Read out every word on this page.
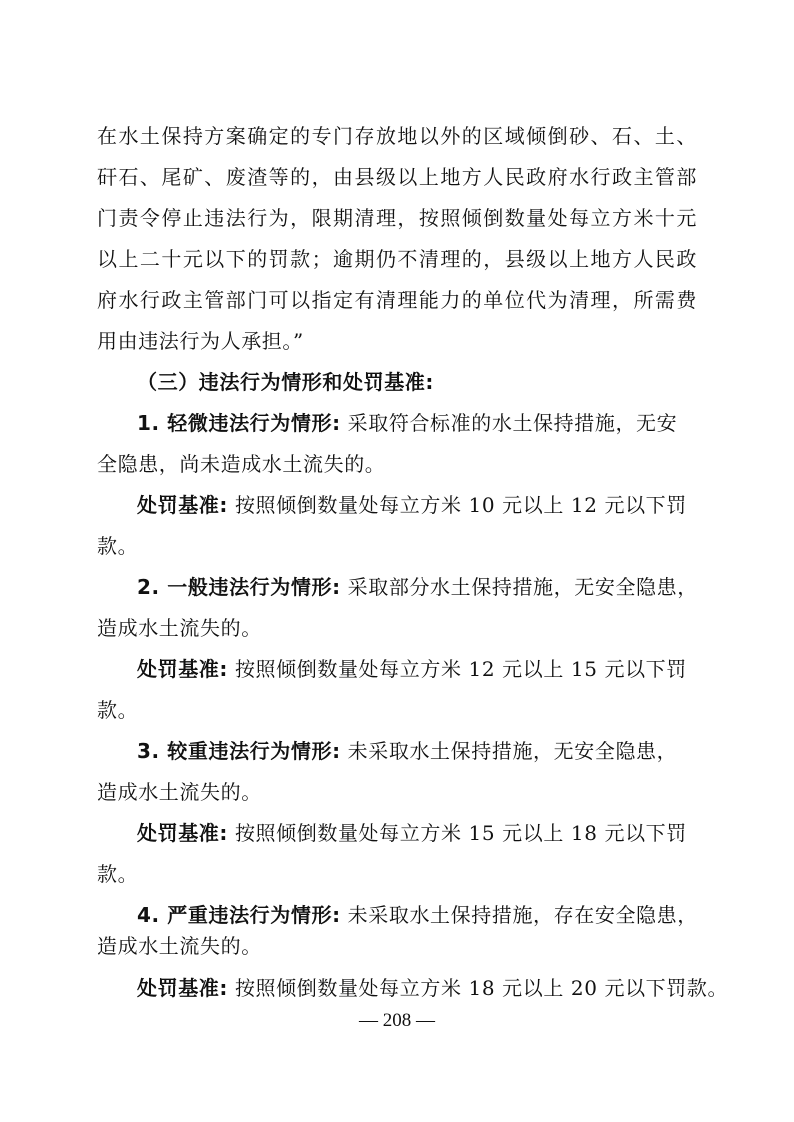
在水土保持方案确定的专门存放地以外的区域倾倒砂、石、土、
矸石、尾矿、废渣等的，由县级以上地方人民政府水行政主管部
门责令停止违法行为，限期清理，按照倾倒数量处每立方米十元
以上二十元以下的罚款；逾期仍不清理的，县级以上地方人民政
府水行政主管部门可以指定有清理能力的单位代为清理，所需费
用由违法行为人承担。”
（三）违法行为情形和处罚基准:
1. 轻微违法行为情形: 采取符合标准的水土保持措施，无安
全隐患，尚未造成水土流失的。
处罚基准: 按照倾倒数量处每立方米 10 元以上 12 元以下罚
款。
2. 一般违法行为情形: 采取部分水土保持措施，无安全隐患，
造成水土流失的。
处罚基准: 按照倾倒数量处每立方米 12 元以上 15 元以下罚
款。
3. 较重违法行为情形: 未采取水土保持措施，无安全隐患，
造成水土流失的。
处罚基准: 按照倾倒数量处每立方米 15 元以上 18 元以下罚
款。
4. 严重违法行为情形: 未采取水土保持措施，存在安全隐患，
造成水土流失的。
处罚基准: 按照倾倒数量处每立方米 18 元以上 20 元以下罚款。
— 208 —
